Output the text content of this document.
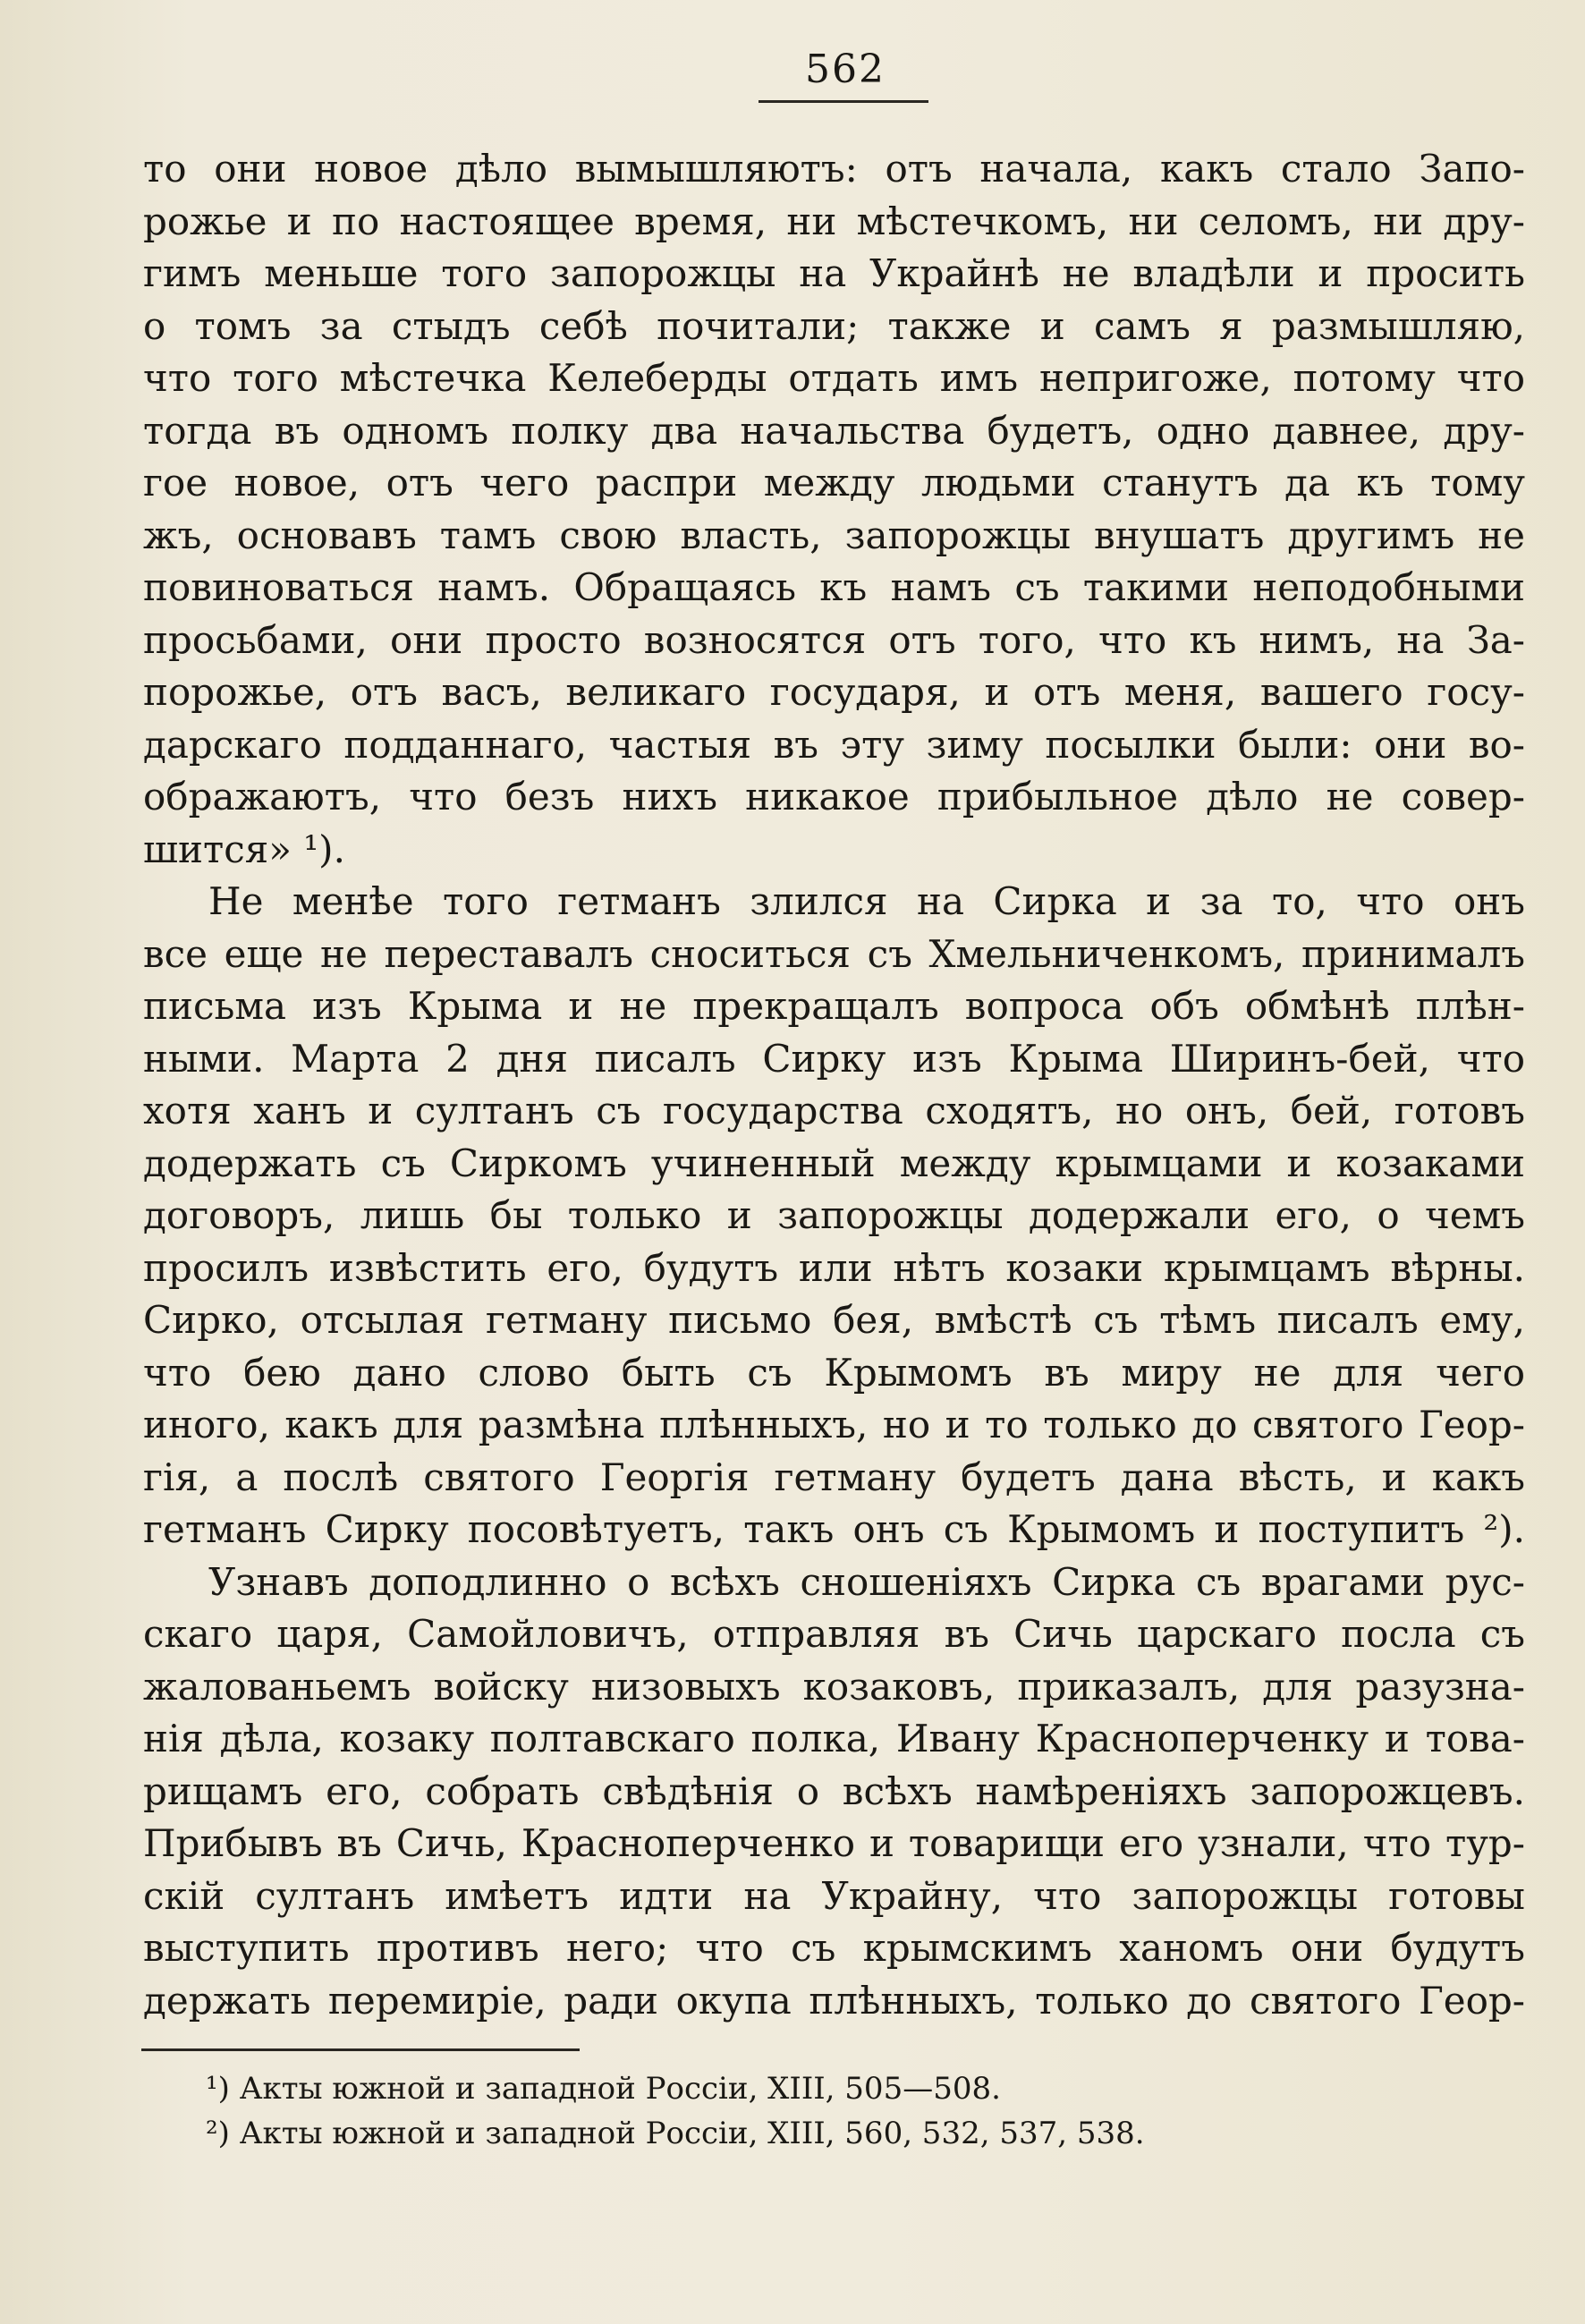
562
то они новое дѣло вымышляютъ: отъ начала, какъ стало Запо-
рожье и по настоящее время, ни мѣстечкомъ, ни селомъ, ни дру-
гимъ меньше того запорожцы на Украйнѣ не владѣли и просить
о томъ за стыдъ себѣ почитали; также и самъ я размышляю,
что того мѣстечка Келеберды отдать имъ непригоже, потому что
тогда въ одномъ полку два начальства будетъ, одно давнее, дру-
гое новое, отъ чего распри между людьми станутъ да къ тому
жъ, основавъ тамъ свою власть, запорожцы внушатъ другимъ не
повиноваться намъ. Обращаясь къ намъ съ такими неподобными
просьбами, они просто возносятся отъ того, что къ нимъ, на За-
порожье, отъ васъ, великаго государя, и отъ меня, вашего госу-
дарскаго подданнаго, частыя въ эту зиму посылки были: они во-
ображаютъ, что безъ нихъ никакое прибыльное дѣло не совер-
шится» ¹).
Не менѣе того гетманъ злился на Сирка и за то, что онъ
все еще не переставалъ сноситься съ Хмельниченкомъ, принималъ
письма изъ Крыма и не прекращалъ вопроса объ обмѣнѣ плѣн-
ными. Марта 2 дня писалъ Сирку изъ Крыма Ширинъ-бей, что
хотя ханъ и султанъ съ государства сходятъ, но онъ, бей, готовъ
додержать съ Сиркомъ учиненный между крымцами и козаками
договоръ, лишь бы только и запорожцы додержали его, о чемъ
просилъ извѣстить его, будутъ или нѣтъ козаки крымцамъ вѣрны.
Сирко, отсылая гетману письмо бея, вмѣстѣ съ тѣмъ писалъ ему,
что бею дано слово быть съ Крымомъ въ миру не для чего
иного, какъ для размѣна плѣнныхъ, но и то только до святого Геор-
гія, а послѣ святого Георгія гетману будетъ дана вѣсть, и какъ
гетманъ Сирку посовѣтуетъ, такъ онъ съ Крымомъ и поступитъ ²).
Узнавъ доподлинно о всѣхъ сношеніяхъ Сирка съ врагами рус-
скаго царя, Самойловичъ, отправляя въ Сичь царскаго посла съ
жалованьемъ войску низовыхъ козаковъ, приказалъ, для разузна-
нія дѣла, козаку полтавскаго полка, Ивану Красноперченку и това-
рищамъ его, собрать свѣдѣнія о всѣхъ намѣреніяхъ запорожцевъ.
Прибывъ въ Сичь, Красноперченко и товарищи его узнали, что тур-
скій султанъ имѣетъ идти на Украйну, что запорожцы готовы
выступить противъ него; что съ крымскимъ ханомъ они будутъ
держать перемиріе, ради окупа плѣнныхъ, только до святого Геор-
¹) Акты южной и западной Россіи, XIII, 505—508.
²) Акты южной и западной Россіи, XIII, 560, 532, 537, 538.
